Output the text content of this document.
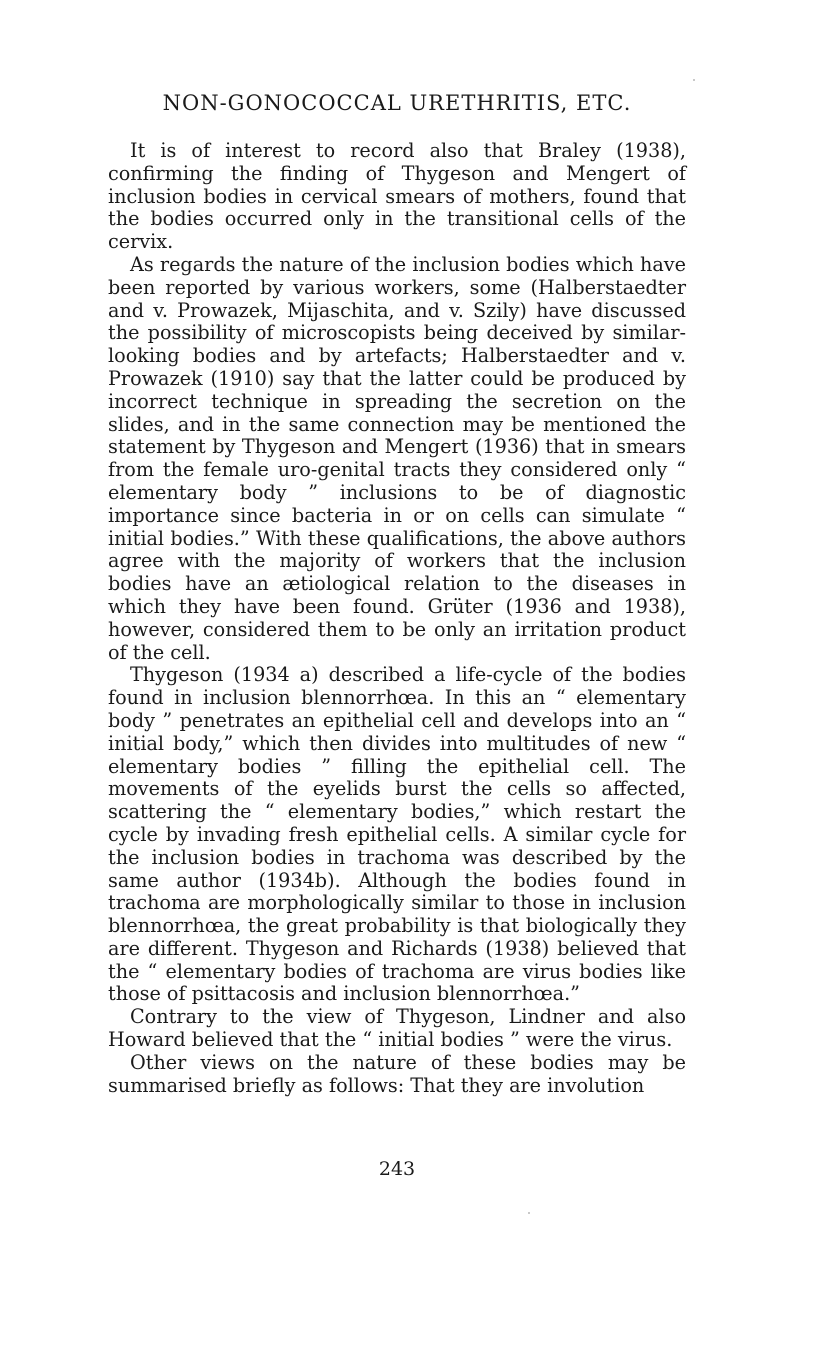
NON-GONOCOCCAL URETHRITIS, ETC.

It is of interest to record also that Braley (1938), confirming the finding of Thygeson and Mengert of inclusion bodies in cervical smears of mothers, found that the bodies occurred only in the transitional cells of the cervix.

As regards the nature of the inclusion bodies which have been reported by various workers, some (Halberstaedter and v. Prowazek, Mijaschita, and v. Szily) have discussed the possibility of microscopists being deceived by similar-looking bodies and by artefacts; Halberstaedter and v. Prowazek (1910) say that the latter could be produced by incorrect technique in spreading the secretion on the slides, and in the same connection may be mentioned the statement by Thygeson and Mengert (1936) that in smears from the female uro-genital tracts they considered only “ elementary body ” inclusions to be of diagnostic importance since bacteria in or on cells can simulate “ initial bodies.” With these qualifications, the above authors agree with the majority of workers that the inclusion bodies have an ætiological relation to the diseases in which they have been found. Grüter (1936 and 1938), however, considered them to be only an irritation product of the cell.

Thygeson (1934 a) described a life-cycle of the bodies found in inclusion blennorrhœa. In this an “ elementary body ” penetrates an epithelial cell and develops into an “ initial body,” which then divides into multitudes of new “ elementary bodies ” filling the epithelial cell. The movements of the eyelids burst the cells so affected, scattering the “ elementary bodies,” which restart the cycle by invading fresh epithelial cells. A similar cycle for the inclusion bodies in trachoma was described by the same author (1934b). Although the bodies found in trachoma are morphologically similar to those in inclusion blennorrhœa, the great probability is that biologically they are different. Thygeson and Richards (1938) believed that the “ elementary bodies of trachoma are virus bodies like those of psittacosis and inclusion blennorrhœa.”

Contrary to the view of Thygeson, Lindner and also Howard believed that the “ initial bodies ” were the virus.

Other views on the nature of these bodies may be summarised briefly as follows: That they are involution

243
